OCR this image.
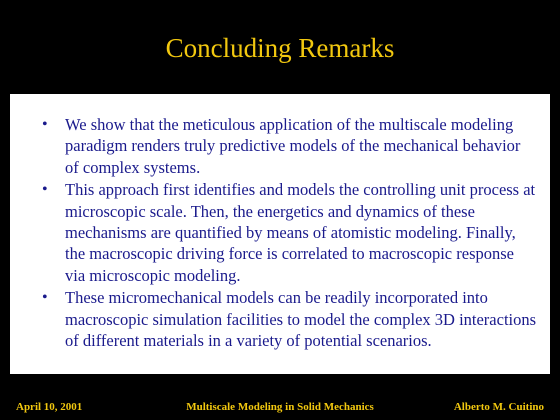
Concluding Remarks
• We show that the meticulous application of the multiscale modeling paradigm renders truly predictive models of the mechanical behavior of complex systems.
• This approach first identifies and models the controlling unit process at microscopic scale. Then, the energetics and dynamics of these mechanisms are quantified by means of atomistic modeling. Finally, the macroscopic driving force is correlated to macroscopic response via microscopic modeling.
• These micromechanical models can be readily incorporated into macroscopic simulation facilities to model the complex 3D interactions of different materials in a variety of potential scenarios.
April 10, 2001	Multiscale Modeling in Solid Mechanics	Alberto M. Cuitino
